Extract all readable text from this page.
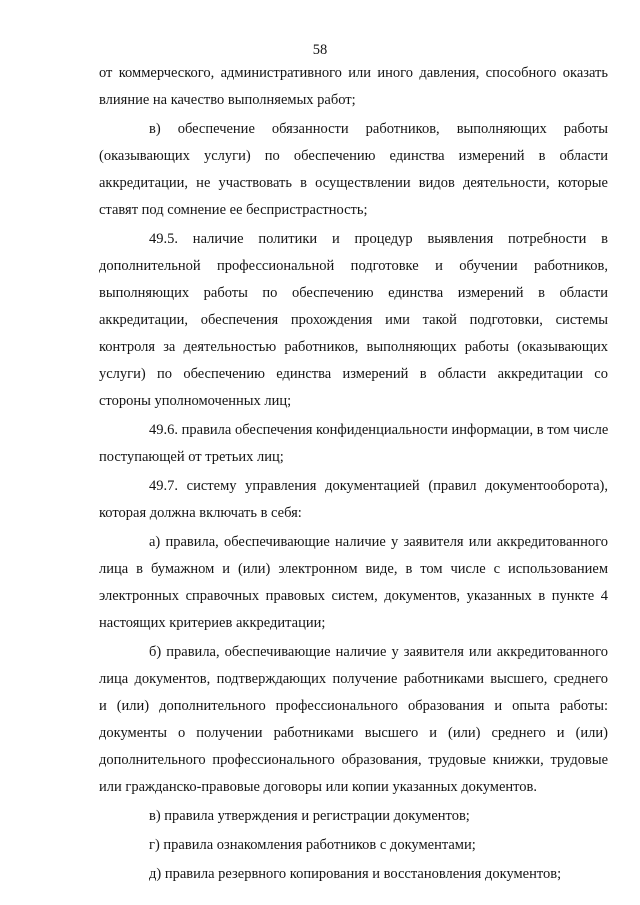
58
от коммерческого, административного или иного давления, способного оказать
влияние на качество выполняемых работ;
в) обеспечение обязанности работников, выполняющих работы
(оказывающих услуги) по обеспечению единства измерений в области
аккредитации, не участвовать в осуществлении видов деятельности, которые
ставят под сомнение ее беспристрастность;
49.5. наличие политики и процедур выявления потребности в
дополнительной профессиональной подготовке и обучении работников,
выполняющих работы по обеспечению единства измерений в области
аккредитации, обеспечения прохождения ими такой подготовки, системы
контроля за деятельностью работников, выполняющих работы (оказывающих
услуги) по обеспечению единства измерений в области аккредитации со
стороны уполномоченных лиц;
49.6. правила обеспечения конфиденциальности информации, в том числе
поступающей от третьих лиц;
49.7. систему управления документацией (правил документооборота),
которая должна включать в себя:
а) правила, обеспечивающие наличие у заявителя или аккредитованного
лица в бумажном и (или) электронном виде, в том числе с использованием
электронных справочных правовых систем, документов, указанных в пункте 4
настоящих критериев аккредитации;
б) правила, обеспечивающие наличие у заявителя или аккредитованного
лица документов, подтверждающих получение работниками высшего, среднего
и (или) дополнительного профессионального образования и опыта работы:
документы о получении работниками высшего и (или) среднего и (или)
дополнительного профессионального образования, трудовые книжки, трудовые
или гражданско-правовые договоры или копии указанных документов.
в) правила утверждения и регистрации документов;
г) правила ознакомления работников с документами;
д) правила резервного копирования и восстановления документов;
